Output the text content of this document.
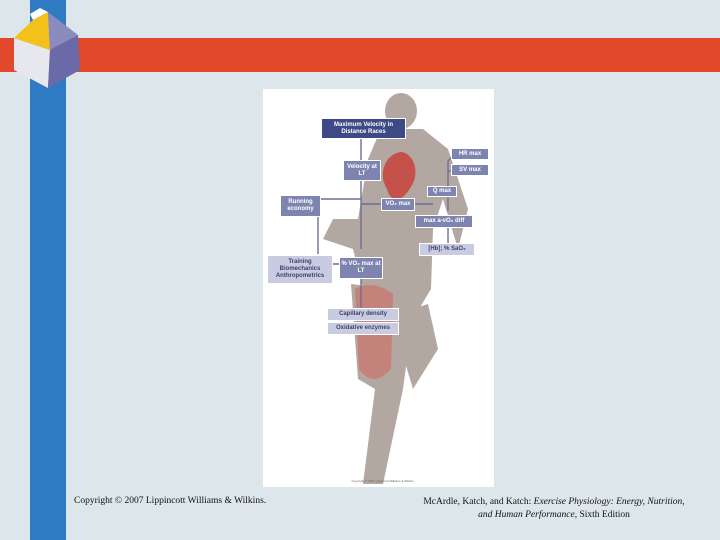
Maximum Velocity in Distance Races
Velocity at LT
HR max
SV max
Q max
Running economy
VO₂ max
max a-vO₂ diff
[Hb]; % SaO₂
Training Biomechanics Anthropometrics
% VO₂ max at LT
Capillary density
Oxidative enzymes
Copyright © 2007 Lippincott Williams & Wilkins.
Copyright © 2007 Lippincott Williams & Wilkins.	McArdle, Katch, and Katch: Exercise Physiology: Energy, Nutrition, and Human Performance, Sixth Edition
